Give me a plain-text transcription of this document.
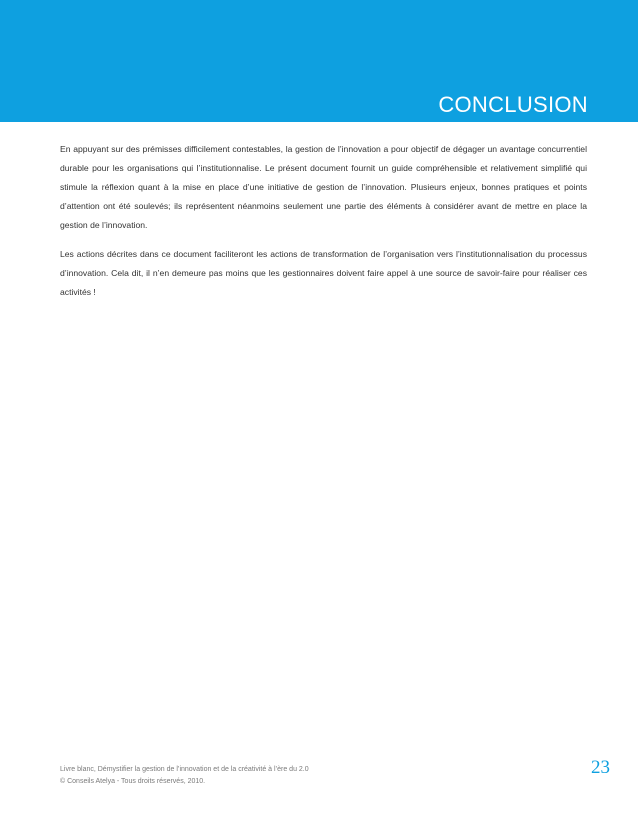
CONCLUSION

En appuyant sur des prémisses difficilement contestables, la gestion de l’innovation a pour objectif de dégager un avantage concurrentiel durable pour les organisations qui l’institutionnalise. Le présent document fournit un guide compréhensible et relativement simplifié qui stimule la réflexion quant à la mise en place d’une initiative de gestion de l’innovation. Plusieurs enjeux, bonnes pratiques et points d’attention ont été soulevés; ils représentent néanmoins seulement une partie des éléments à considérer avant de mettre en place la gestion de l’innovation.

Les actions décrites dans ce document faciliteront les actions de transformation de l’organisation vers l’institutionnalisation du processus d’innovation. Cela dit, il n’en demeure pas moins que les gestionnaires doivent faire appel à une source de savoir-faire pour réaliser ces activités !

Livre blanc, Démystifier la gestion de l’innovation et de la créativité à l’ère du 2.0
© Conseils Atelya - Tous droits réservés, 2010.
23
